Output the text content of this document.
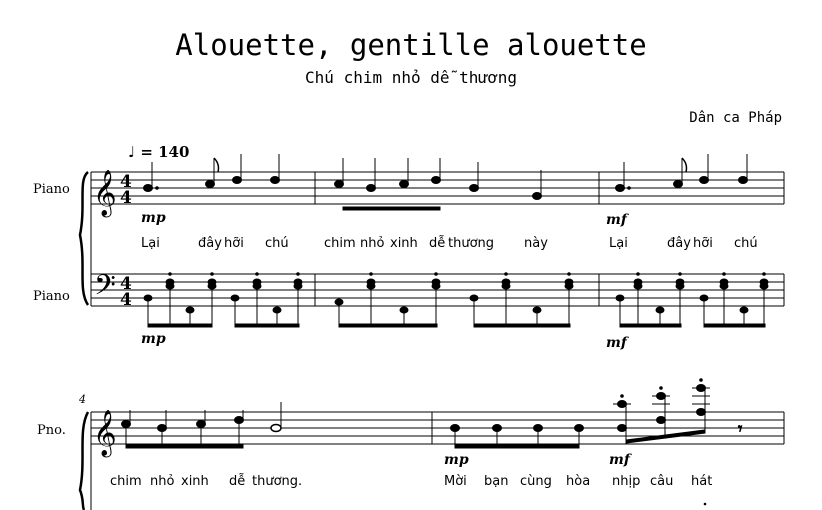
Alouette, gentille alouette
Chú chim nhỏ dễ thương
Dân ca Pháp
♩ = 140
Piano
Piano
Pno.
Lại	đây hỡi chú	chim nhỏ xinh dễ thương này	Lại	đây hỡi chú
chim nhỏ xinh dễ thương.	Mời bạn cùng hòa nhịp câu hát
𝄞
𝄢
4
4
4
4
mp	mf
mp	mf
4
𝄞	𝄾
mp	mf
